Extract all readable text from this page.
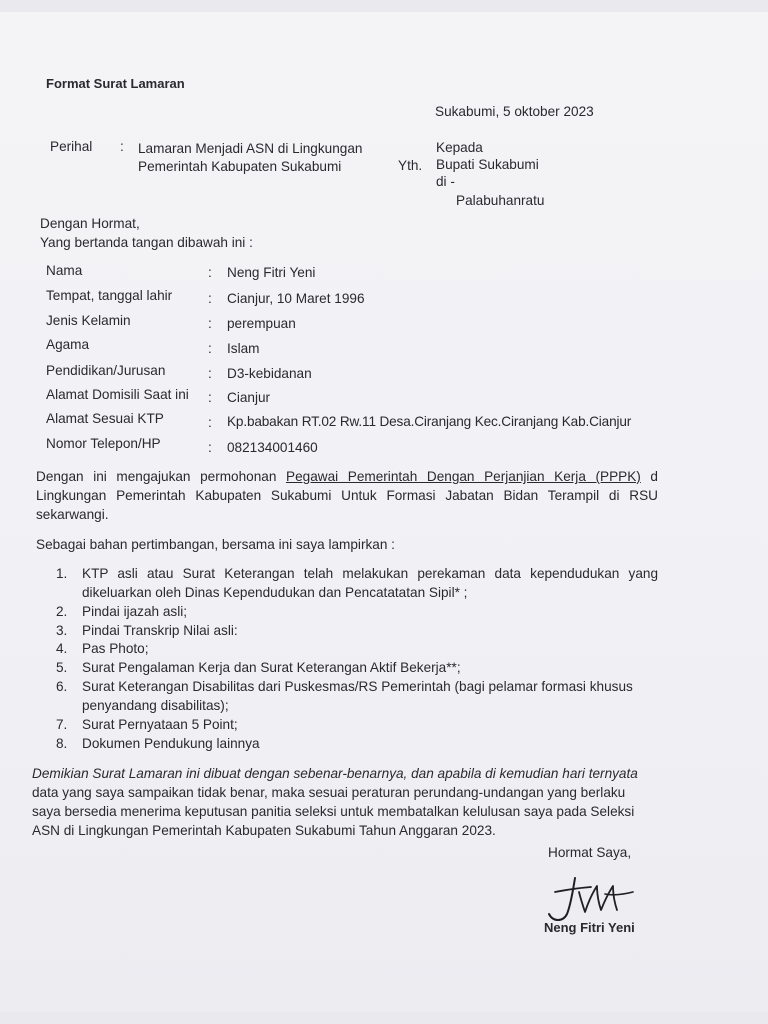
Format Surat Lamaran
Sukabumi, 5 oktober 2023
Perihal : Lamaran Menjadi ASN di Lingkungan
Pemerintah Kabupaten Sukabumi	Yth.
Kepada
Bupati Sukabumi
di -
Palabuhanratu
Dengan Hormat,
Yang bertanda tangan dibawah ini :
Nama	: Neng Fitri Yeni
Tempat, tanggal lahir	: Cianjur, 10 Maret 1996
Jenis Kelamin	: perempuan
Agama	: Islam
Pendidikan/Jurusan	: D3-kebidanan
Alamat Domisili Saat ini : Cianjur
Alamat Sesuai KTP	: Kp.babakan RT.02 Rw.11 Desa.Ciranjang Kec.Ciranjang Kab.Cianjur
Nomor Telepon/HP	: 082134001460
Dengan ini mengajukan permohonan Pegawai Pemerintah Dengan Perjanjian Kerja (PPPK) d
Lingkungan Pemerintah Kabupaten Sukabumi Untuk Formasi Jabatan Bidan Terampil di RSU
sekarwangi.
Sebagai bahan pertimbangan, bersama ini saya lampirkan :
1. KTP asli atau Surat Keterangan telah melakukan perekaman data kependudukan yang
dikeluarkan oleh Dinas Kependudukan dan Pencatatatan Sipil* ;
2. Pindai ijazah asli;
3. Pindai Transkrip Nilai asli:
4. Pas Photo;
5. Surat Pengalaman Kerja dan Surat Keterangan Aktif Bekerja**;
6. Surat Keterangan Disabilitas dari Puskesmas/RS Pemerintah (bagi pelamar formasi khusus
penyandang disabilitas);
7. Surat Pernyataan 5 Point;
8. Dokumen Pendukung lainnya
Demikian Surat Lamaran ini dibuat dengan sebenar-benarnya, dan apabila di kemudian hari ternyata
data yang saya sampaikan tidak benar, maka sesuai peraturan perundang-undangan yang berlaku
saya bersedia menerima keputusan panitia seleksi untuk membatalkan kelulusan saya pada Seleksi
ASN di Lingkungan Pemerintah Kabupaten Sukabumi Tahun Anggaran 2023.
Hormat Saya,
Neng Fitri Yeni
